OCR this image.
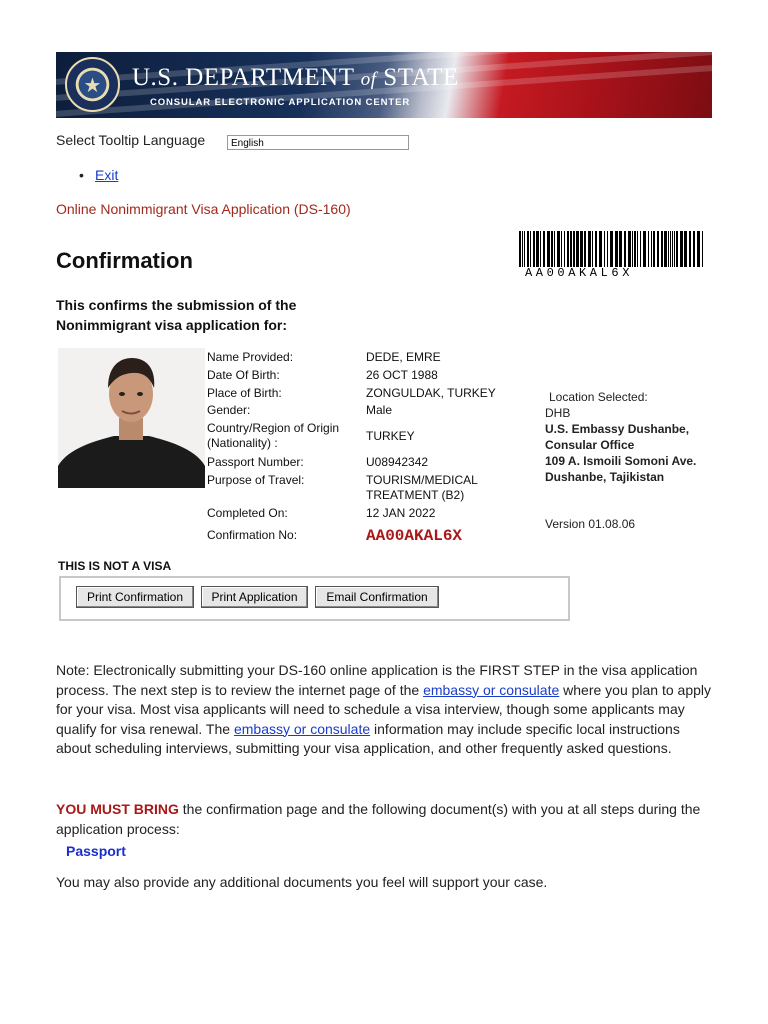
★
U.S. DEPARTMENT of STATE
CONSULAR ELECTRONIC APPLICATION CENTER
Select Tooltip Language	English
• Exit
Online Nonimmigrant Visa Application (DS-160)
AA00AKAL6X
Confirmation
This confirms the submission of the
Nonimmigrant visa application for:
Name Provided:	DEDE, EMRE
Date Of Birth:	26 OCT 1988
Place of Birth:	ZONGULDAK, TURKEY
Gender:	Male
Country/Region of Origin
(Nationality) :	TURKEY
Passport Number:	U08942342
Purpose of Travel:	TOURISM/MEDICAL
TREATMENT (B2)
Completed On:	12 JAN 2022
Confirmation No:	AA00AKAL6X
Location Selected:
DHB
U.S. Embassy Dushanbe,
Consular Office
109 A. Ismoili Somoni Ave.
Dushanbe, Tajikistan
Version 01.08.06
THIS IS NOT A VISA
Print Confirmation	Print Application	Email Confirmation
Note: Electronically submitting your DS-160 online application is the FIRST STEP in the visa application process. The next step is to review the internet page of the embassy or consulate where you plan to apply for your visa. Most visa applicants will need to schedule a visa interview, though some applicants may qualify for visa renewal. The embassy or consulate information may include specific local instructions about scheduling interviews, submitting your visa application, and other frequently asked questions.
YOU MUST BRING the confirmation page and the following document(s) with you at all steps during the application process:
Passport
You may also provide any additional documents you feel will support your case.
